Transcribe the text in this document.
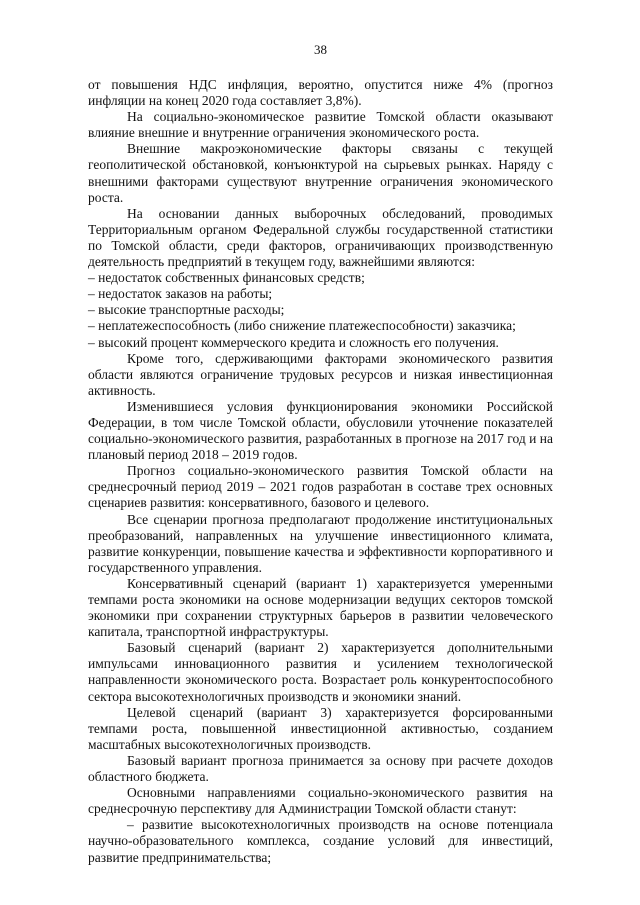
38

от повышения НДС инфляция, вероятно, опустится ниже 4% (прогноз инфляции на конец 2020 года составляет 3,8%).

На социально-экономическое развитие Томской области оказывают влияние внешние и внутренние ограничения экономического роста.

Внешние макроэкономические факторы связаны с текущей геополитической обстановкой, конъюнктурой на сырьевых рынках. Наряду с внешними факторами существуют внутренние ограничения экономического роста.

На основании данных выборочных обследований, проводимых Территориальным органом Федеральной службы государственной статистики по Томской области, среди факторов, ограничивающих производственную деятельность предприятий в текущем году, важнейшими являются:

– недостаток собственных финансовых средств;

– недостаток заказов на работы;

– высокие транспортные расходы;

– неплатежеспособность (либо снижение платежеспособности) заказчика;

– высокий процент коммерческого кредита и сложность его получения.

Кроме того, сдерживающими факторами экономического развития области являются ограничение трудовых ресурсов и низкая инвестиционная активность.

Изменившиеся условия функционирования экономики Российской Федерации, в том числе Томской области, обусловили уточнение показателей социально-экономического развития, разработанных в прогнозе на 2017 год и на плановый период 2018 – 2019 годов.

Прогноз социально-экономического развития Томской области на среднесрочный период 2019 – 2021 годов разработан в составе трех основных сценариев развития: консервативного, базового и целевого.

Все сценарии прогноза предполагают продолжение институциональных преобразований, направленных на улучшение инвестиционного климата, развитие конкуренции, повышение качества и эффективности корпоративного и государственного управления.

Консервативный сценарий (вариант 1) характеризуется умеренными темпами роста экономики на основе модернизации ведущих секторов томской экономики при сохранении структурных барьеров в развитии человеческого капитала, транспортной инфраструктуры.

Базовый сценарий (вариант 2) характеризуется дополнительными импульсами инновационного развития и усилением технологической направленности экономического роста. Возрастает роль конкурентоспособного сектора высокотехнологичных производств и экономики знаний.

Целевой сценарий (вариант 3) характеризуется форсированными темпами роста, повышенной инвестиционной активностью, созданием масштабных высокотехнологичных производств.

Базовый вариант прогноза принимается за основу при расчете доходов областного бюджета.

Основными направлениями социально-экономического развития на среднесрочную перспективу для Администрации Томской области станут:

– развитие высокотехнологичных производств на основе потенциала научно-образовательного комплекса, создание условий для инвестиций, развитие предпринимательства;
